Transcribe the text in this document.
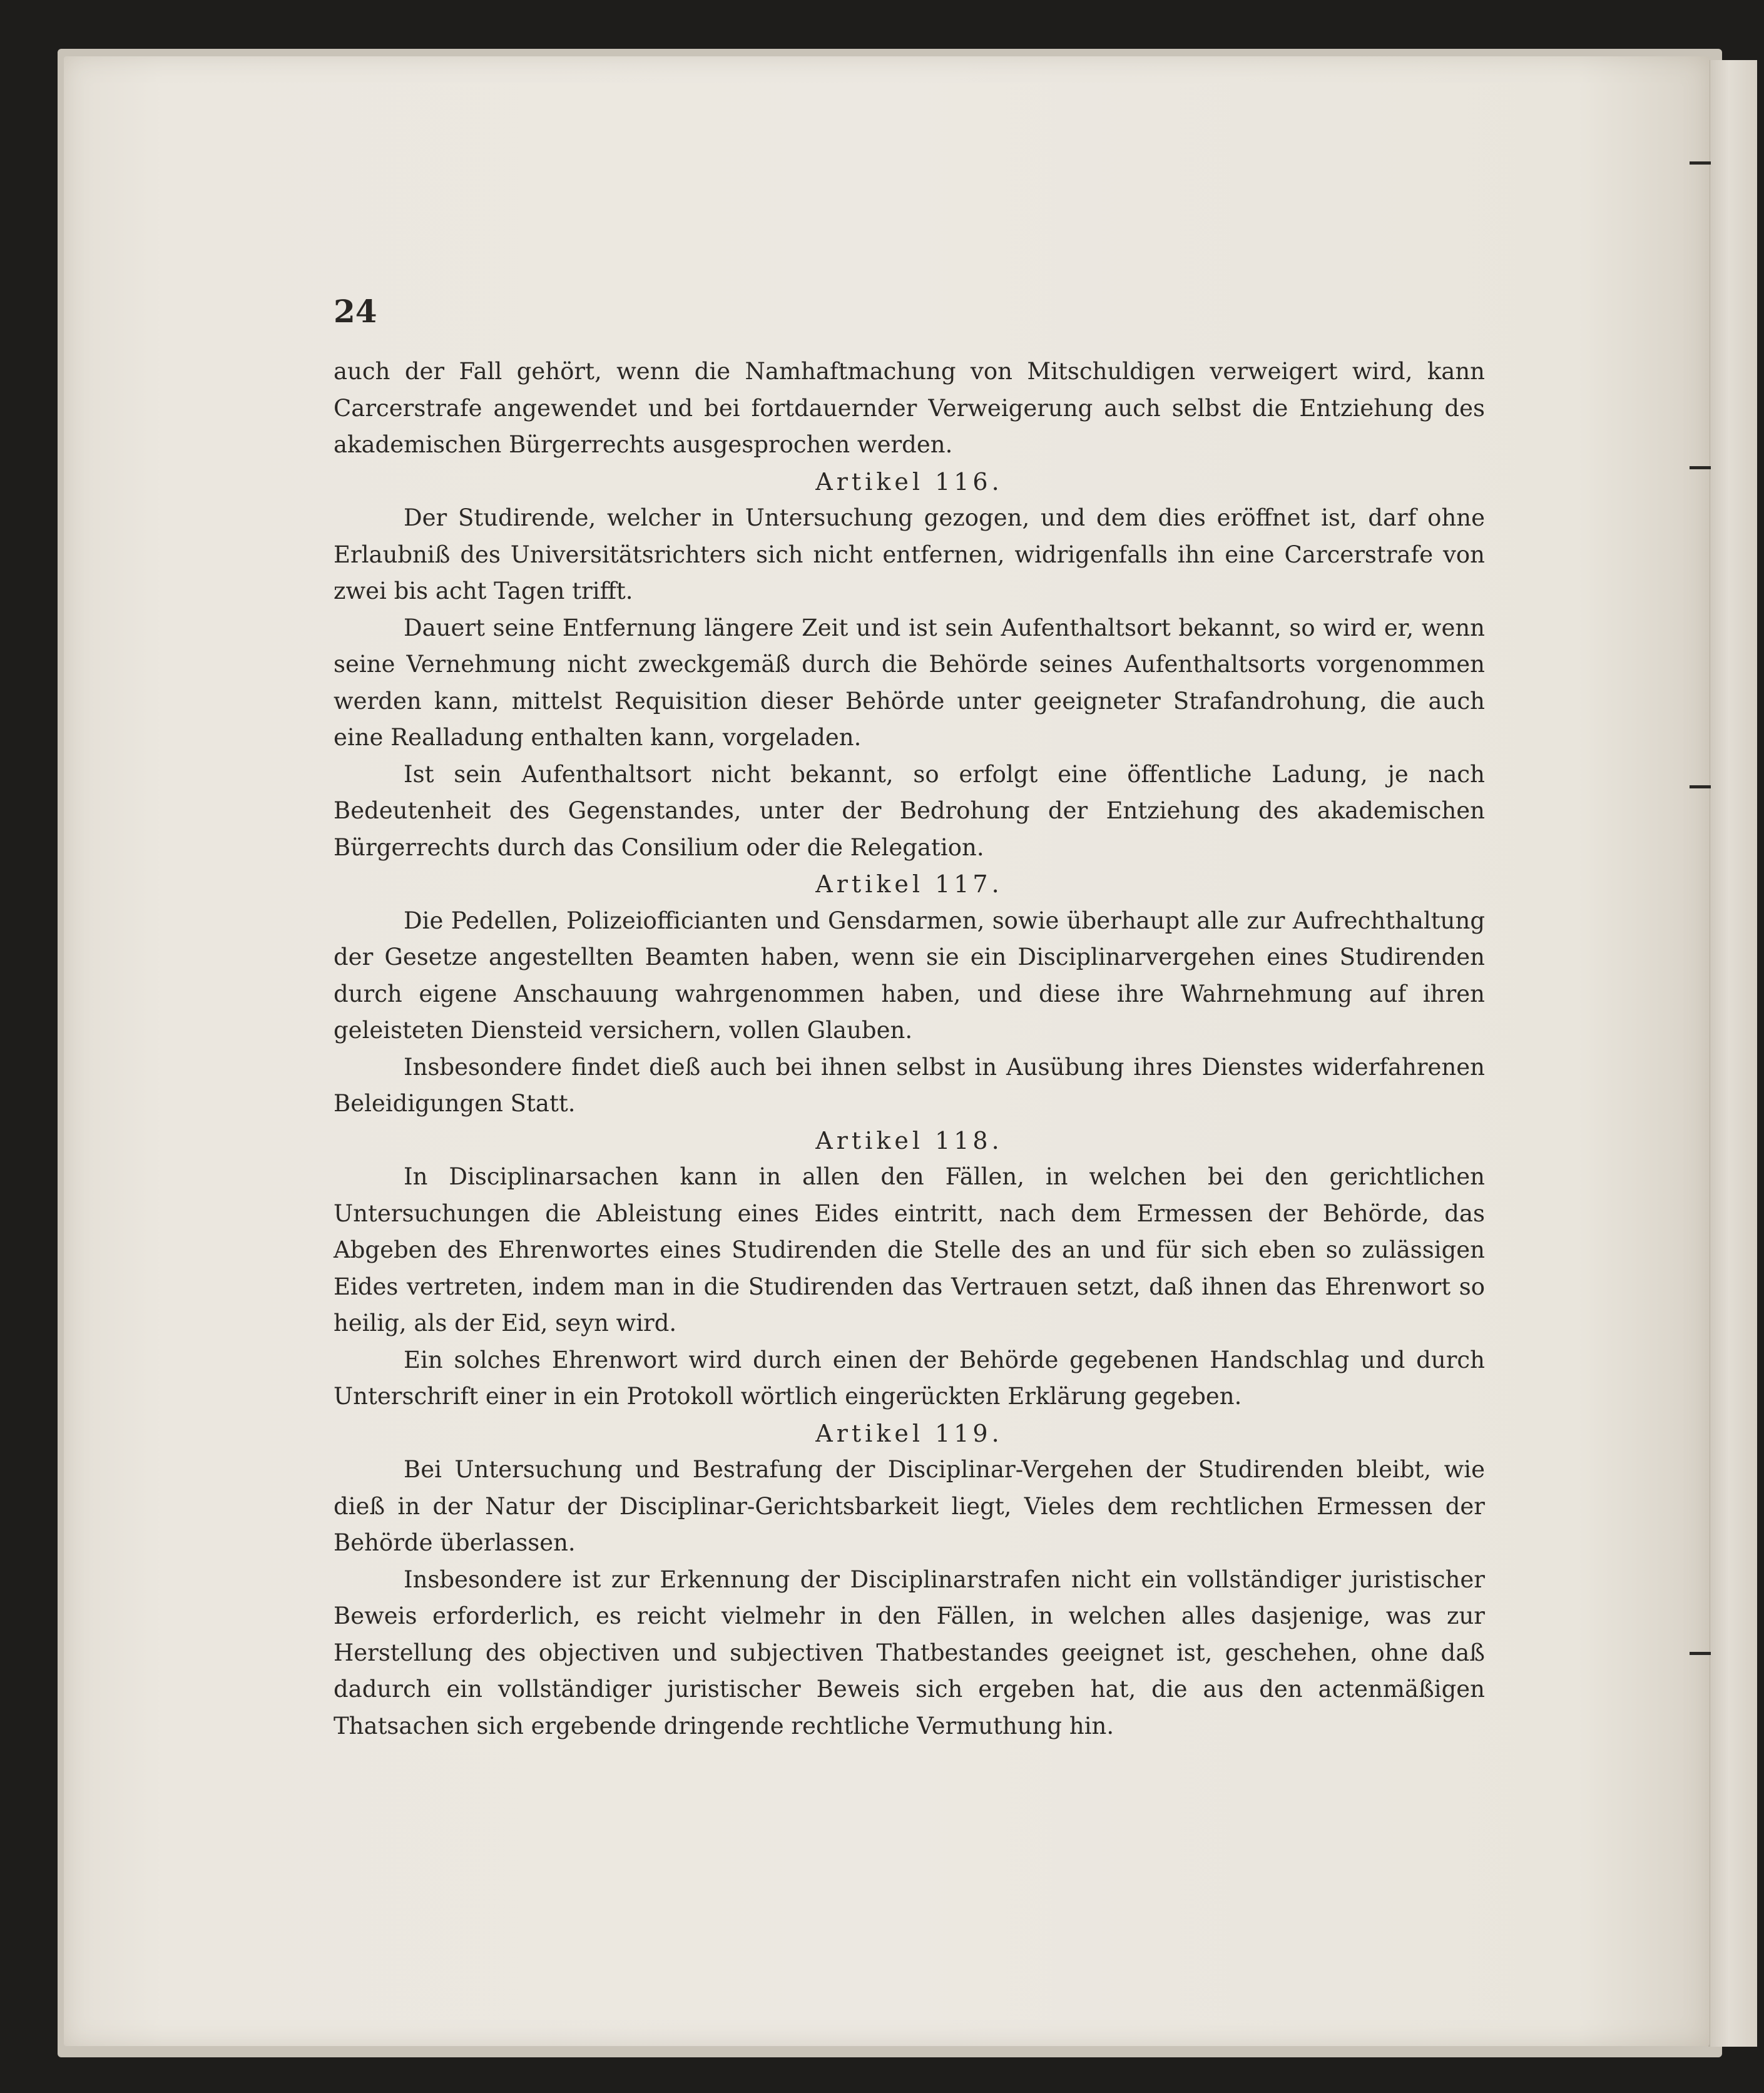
24

auch der Fall gehört, wenn die Namhaftmachung von Mitschuldigen verweigert wird, kann Carcerstrafe angewendet und bei fortdauernder Verweigerung auch selbst die Entziehung des akademischen Bürgerrechts ausgesprochen werden.

Artikel 116.

Der Studirende, welcher in Untersuchung gezogen, und dem dies eröffnet ist, darf ohne Erlaubniß des Universitätsrichters sich nicht entfernen, widrigenfalls ihn eine Carcerstrafe von zwei bis acht Tagen trifft.

Dauert seine Entfernung längere Zeit und ist sein Aufenthaltsort bekannt, so wird er, wenn seine Vernehmung nicht zweckgemäß durch die Behörde seines Aufenthaltsorts vorgenommen werden kann, mittelst Requisition dieser Behörde unter geeigneter Strafandrohung, die auch eine Realladung enthalten kann, vorgeladen.

Ist sein Aufenthaltsort nicht bekannt, so erfolgt eine öffentliche Ladung, je nach Bedeutenheit des Gegenstandes, unter der Bedrohung der Entziehung des akademischen Bürgerrechts durch das Consilium oder die Relegation.

Artikel 117.

Die Pedellen, Polizeiofficianten und Gensdarmen, sowie überhaupt alle zur Aufrechthaltung der Gesetze angestellten Beamten haben, wenn sie ein Disciplinarvergehen eines Studirenden durch eigene Anschauung wahrgenommen haben, und diese ihre Wahrnehmung auf ihren geleisteten Diensteid versichern, vollen Glauben.

Insbesondere findet dieß auch bei ihnen selbst in Ausübung ihres Dienstes widerfahrenen Beleidigungen Statt.

Artikel 118.

In Disciplinarsachen kann in allen den Fällen, in welchen bei den gerichtlichen Untersuchungen die Ableistung eines Eides eintritt, nach dem Ermessen der Behörde, das Abgeben des Ehrenwortes eines Studirenden die Stelle des an und für sich eben so zulässigen Eides vertreten, indem man in die Studirenden das Vertrauen setzt, daß ihnen das Ehrenwort so heilig, als der Eid, seyn wird.

Ein solches Ehrenwort wird durch einen der Behörde gegebenen Handschlag und durch Unterschrift einer in ein Protokoll wörtlich eingerückten Erklärung gegeben.

Artikel 119.

Bei Untersuchung und Bestrafung der Disciplinar-Vergehen der Studirenden bleibt, wie dieß in der Natur der Disciplinar-Gerichtsbarkeit liegt, Vieles dem rechtlichen Ermessen der Behörde überlassen.

Insbesondere ist zur Erkennung der Disciplinarstrafen nicht ein vollständiger juristischer Beweis erforderlich, es reicht vielmehr in den Fällen, in welchen alles dasjenige, was zur Herstellung des objectiven und subjectiven Thatbestandes geeignet ist, geschehen, ohne daß dadurch ein vollständiger juristischer Beweis sich ergeben hat, die aus den actenmäßigen Thatsachen sich ergebende dringende rechtliche Vermuthung hin.
